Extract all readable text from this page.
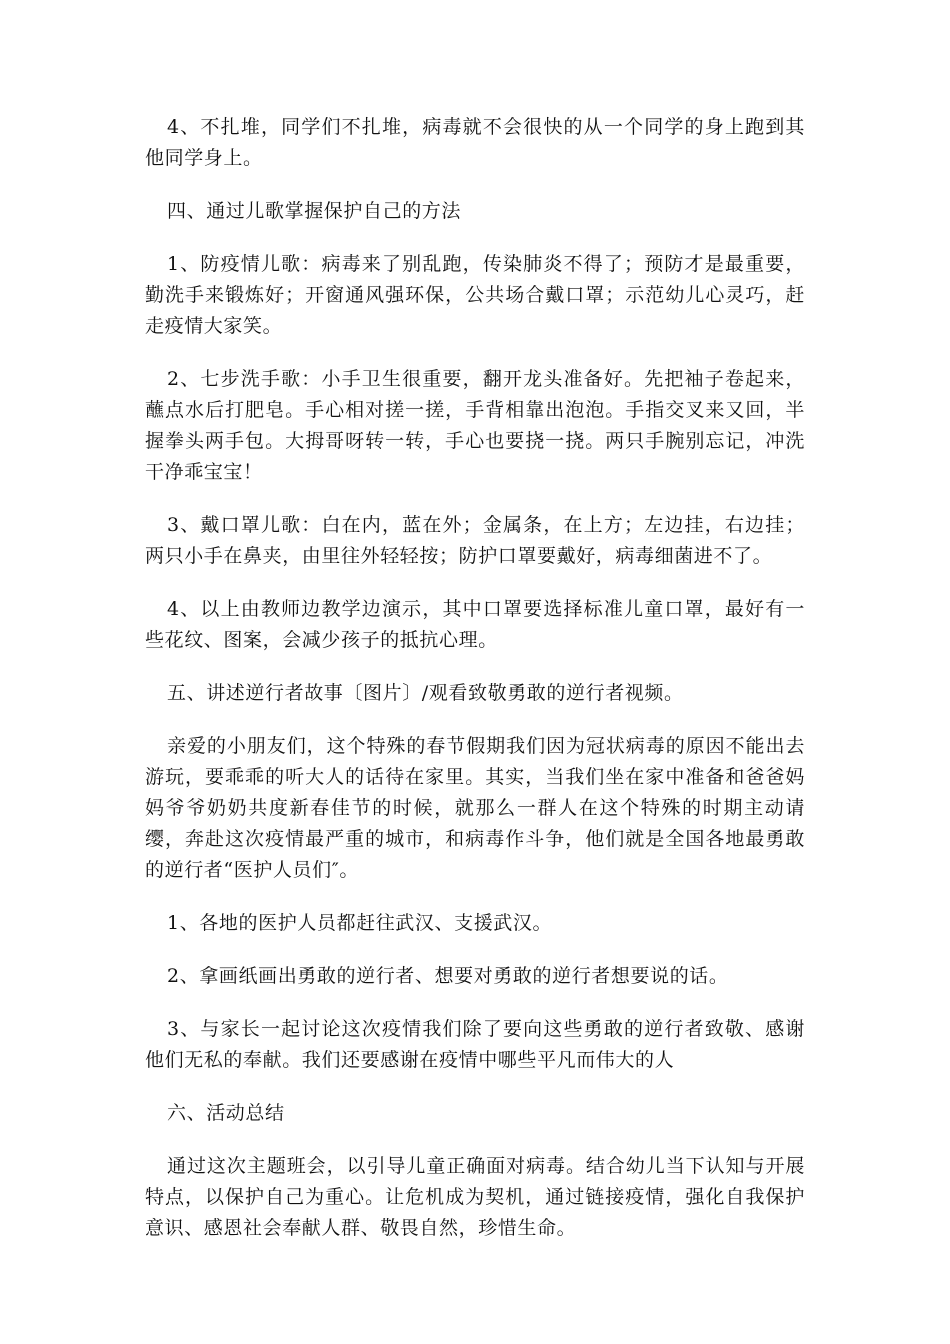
4、不扎堆，同学们不扎堆，病毒就不会很快的从一个同学的身上跑到其他同学身上。

四、通过儿歌掌握保护自己的方法

1、防疫情儿歌：病毒来了别乱跑，传染肺炎不得了；预防才是最重要，勤洗手来锻炼好；开窗通风强环保，公共场合戴口罩；示范幼儿心灵巧，赶走疫情大家笑。

2、七步洗手歌：小手卫生很重要，翻开龙头准备好。先把袖子卷起来，蘸点水后打肥皂。手心相对搓一搓，手背相靠出泡泡。手指交叉来又回，半握拳头两手包。大拇哥呀转一转，手心也要挠一挠。两只手腕别忘记，冲洗干净乖宝宝！

3、戴口罩儿歌：白在内，蓝在外；金属条，在上方；左边挂，右边挂；两只小手在鼻夹，由里往外轻轻按；防护口罩要戴好，病毒细菌进不了。

4、以上由教师边教学边演示，其中口罩要选择标准儿童口罩，最好有一些花纹、图案，会减少孩子的抵抗心理。

五、讲述逆行者故事〔图片〕/观看致敬勇敢的逆行者视频。

亲爱的小朋友们，这个特殊的春节假期我们因为冠状病毒的原因不能出去游玩，要乖乖的听大人的话待在家里。其实，当我们坐在家中准备和爸爸妈妈爷爷奶奶共度新春佳节的时候，就那么一群人在这个特殊的时期主动请缨，奔赴这次疫情最严重的城市，和病毒作斗争，他们就是全国各地最勇敢的逆行者“医护人员们″。

1、各地的医护人员都赶往武汉、支援武汉。

2、拿画纸画出勇敢的逆行者、想要对勇敢的逆行者想要说的话。

3、与家长一起讨论这次疫情我们除了要向这些勇敢的逆行者致敬、感谢他们无私的奉献。我们还要感谢在疫情中哪些平凡而伟大的人

六、活动总结

通过这次主题班会，以引导儿童正确面对病毒。结合幼儿当下认知与开展特点，以保护自己为重心。让危机成为契机，通过链接疫情，强化自我保护意识、感恩社会奉献人群、敬畏自然，珍惜生命。
